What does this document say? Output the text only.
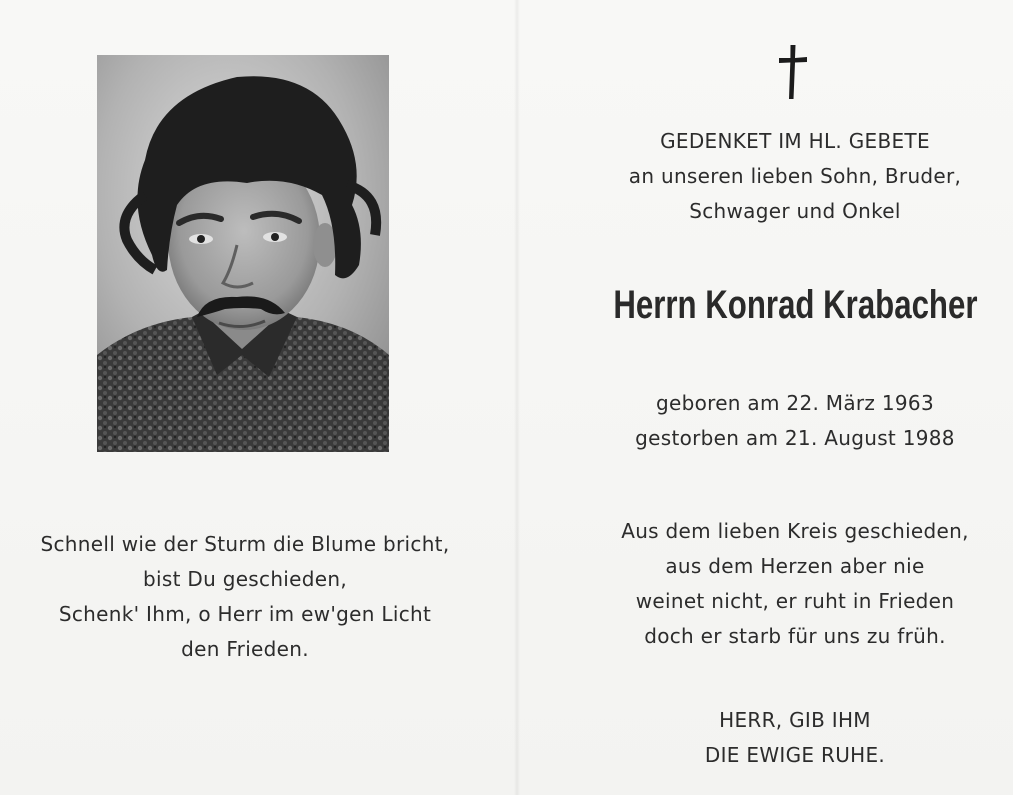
Schnell wie der Sturm die Blume bricht,
bist Du geschieden,
Schenk' Ihm, o Herr im ew'gen Licht
den Frieden.
GEDENKET IM HL. GEBETE
an unseren lieben Sohn, Bruder,
Schwager und Onkel
Herrn Konrad Krabacher
geboren am 22. März 1963
gestorben am 21. August 1988
Aus dem lieben Kreis geschieden,
aus dem Herzen aber nie
weinet nicht, er ruht in Frieden
doch er starb für uns zu früh.
HERR, GIB IHM
DIE EWIGE RUHE.
